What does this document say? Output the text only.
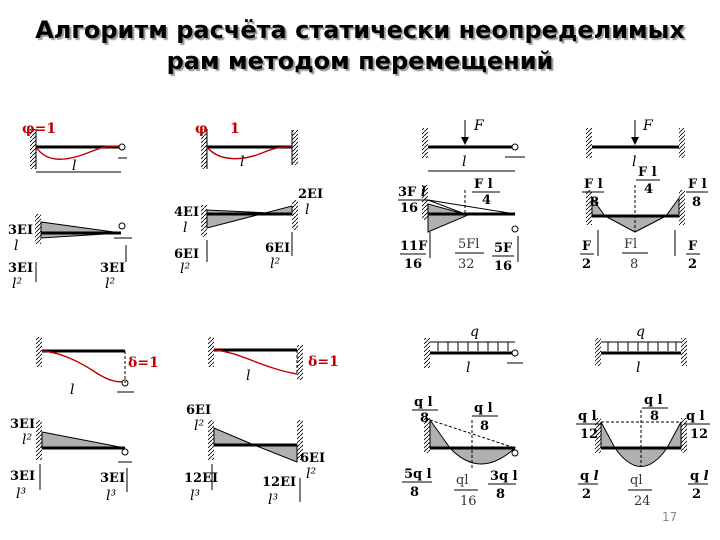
Алгоритм расчёта статически неопределимых
рам методом перемещений
φ=1
l
φ 1
l
3EI
l
3EI
l²
3EI
l²
4EI
l
2EI
l
6EI
l²
6EI
l²
F
l
3F l
16
F l
4
5Fl
32
11F
16
5F
16
F
l
F l
8
F l
4	F l
8
Fl
8
F
2
F
2
δ=1
l
δ=1
l
3EI
l²
3EI
l³
3EI
l³
6EI
l²
6EI
l²
12EI
l³
12EI
l³
q
l
q l
8
q l
8
ql
16
5q l
8
3q l
8
q
l
q l
12
q l
8 q l
12
ql
24
q l
2
q l
2
17
